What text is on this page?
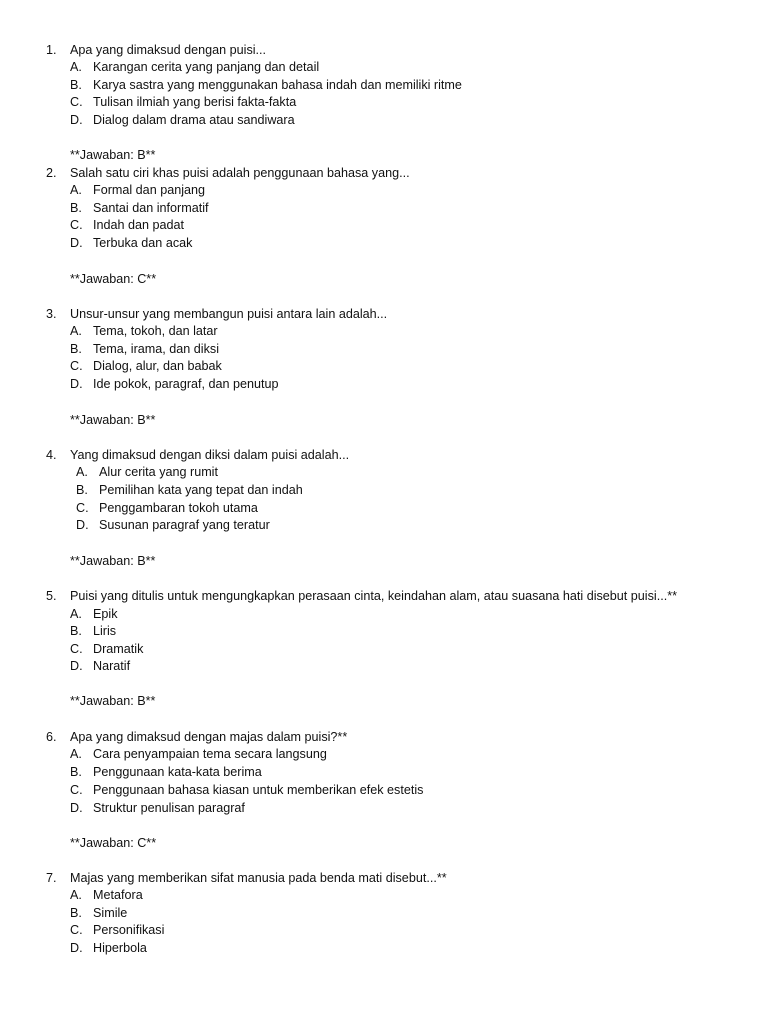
1. Apa yang dimaksud dengan puisi...
A. Karangan cerita yang panjang dan detail
B. Karya sastra yang menggunakan bahasa indah dan memiliki ritme
C. Tulisan ilmiah yang berisi fakta-fakta
D. Dialog dalam drama atau sandiwara
**Jawaban: B**
2. Salah satu ciri khas puisi adalah penggunaan bahasa yang...
A. Formal dan panjang
B. Santai dan informatif
C. Indah dan padat
D. Terbuka dan acak
**Jawaban: C**
3. Unsur-unsur yang membangun puisi antara lain adalah...
A. Tema, tokoh, dan latar
B. Tema, irama, dan diksi
C. Dialog, alur, dan babak
D. Ide pokok, paragraf, dan penutup
**Jawaban: B**
4. Yang dimaksud dengan diksi dalam puisi adalah...
A. Alur cerita yang rumit
B. Pemilihan kata yang tepat dan indah
C. Penggambaran tokoh utama
D. Susunan paragraf yang teratur
**Jawaban: B**
5. Puisi yang ditulis untuk mengungkapkan perasaan cinta, keindahan alam, atau suasana hati disebut puisi...**
A. Epik
B. Liris
C. Dramatik
D. Naratif
**Jawaban: B**
6. Apa yang dimaksud dengan majas dalam puisi?**
A. Cara penyampaian tema secara langsung
B. Penggunaan kata-kata berima
C. Penggunaan bahasa kiasan untuk memberikan efek estetis
D. Struktur penulisan paragraf
**Jawaban: C**
7. Majas yang memberikan sifat manusia pada benda mati disebut...**
A. Metafora
B. Simile
C. Personifikasi
D. Hiperbola
